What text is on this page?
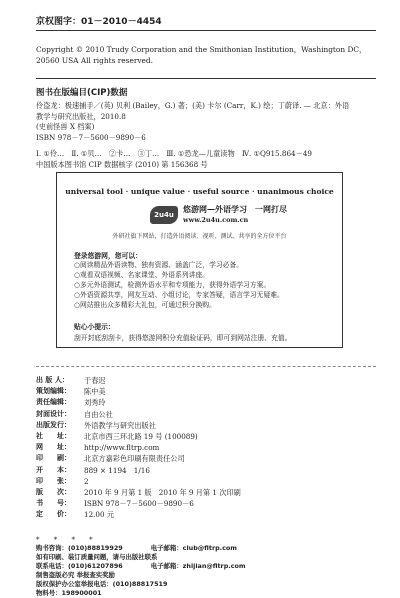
京权图字：01－2010－4454
Copyright © 2010 Trudy Corporation and the Smithonian Institution，Washington DC，20560 USA All rights reserved.
图书在版编目(CIP)数据

伶盗龙：极速捕手／(英) 贝利 (Bailey，G.) 著；(美) 卡尔 (Carr，K.) 绘；丁蔚译. — 北京：外语

教学与研究出版社，2010.8

(史前怪兽 X 档案)

ISBN 978－7－5600－9890－6

Ⅰ. ①伶…　Ⅱ. ①贝…　②卡…　③丁…　Ⅲ. ①恐龙—儿童读物　Ⅳ. ①Q915.864－49

中国版本图书馆 CIP 数据核字 (2010) 第 156368 号

universal tool · unique value · useful source · unanimous choice
2u4u
悠游网—外语学习　一网打尽
www.2u4u.com.cn
外研社旗下网站，打造外语阅读、视听、测试、共享的全方位平台
登录悠游网，您可以：
○ 阅读精品外语读物、独有资源、涵盖广泛，学习必备。
○ 观看双语视频、名家课堂、外语系列讲座。
○ 多元外语测试，检测外语水平和专项能力，获得外语学习方案。
○ 外语资源共享，网友互动、小组讨论，专家答疑，语言学习无疑难。
○ 网站推出众多精彩大礼包，可通过积分换购。
贴心小提示：
刮开封底刮刮卡，获得悠游网积分充值验证码，即可到网站注册、充值。
出 版 人：	于春迟
策划编辑：	陈中美
责任编辑：	刘秀玲
封面设计：	自由公社
出版发行：	外语教学与研究出版社
社　　址：	北京市西三环北路 19 号 (100089)
网　　址：	http://www.fltrp.com
印　　刷：	北京方嘉彩色印刷有限责任公司
开　　本：	889 × 1194　1/16
印　　张：	2
版　　次：	2010 年 9 月第 1 版　2010 年 9 月第 1 次印刷
书　　号：	ISBN 978－7－5600－9890－6
定　　价：	12.00 元
* * * *

购书咨询：(010)88819929	电子邮箱：club@fltrp.com

如有印刷、装订质量问题，请与出版社联系

联系电话：(010)61207896	电子邮箱：zhijian@fltrp.com

制售盗版必究 举报查实奖励

版权保护办公室举报电话：(010)88817519

物料号：198900001
